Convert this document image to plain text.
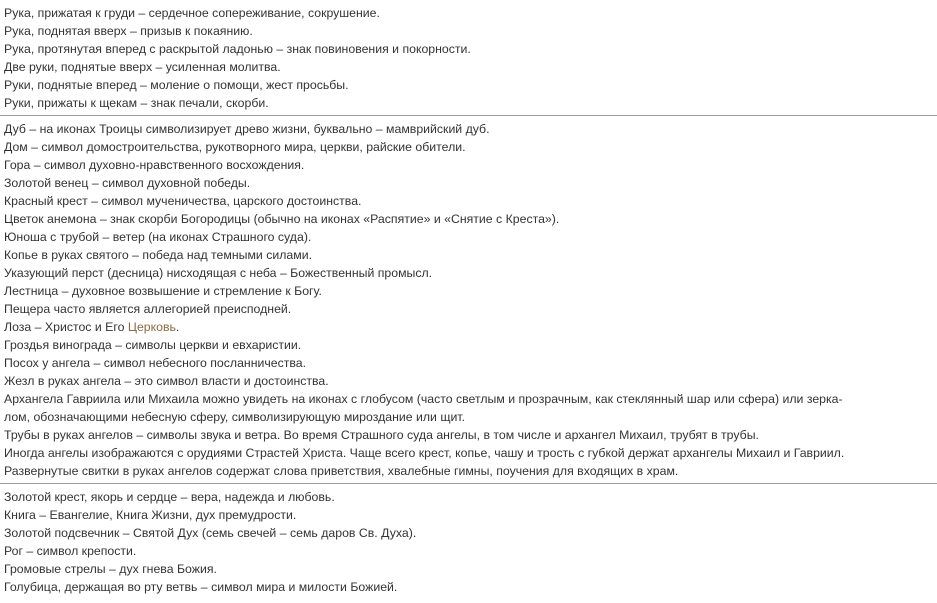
Рука, прижатая к груди – сердечное сопереживание, сокрушение.
Рука, поднятая вверх – призыв к покаянию.
Рука, протянутая вперед с раскрытой ладонью – знак повиновения и покорности.
Две руки, поднятые вверх – усиленная молитва.
Руки, поднятые вперед – моление о помощи, жест просьбы.
Руки, прижаты к щекам – знак печали, скорби.
Дуб – на иконах Троицы символизирует древо жизни, буквально – мамврийский дуб.
Дом – символ домостроительства, рукотворного мира, церкви, райские обители.
Гора – символ духовно-нравственного восхождения.
Золотой венец – символ духовной победы.
Красный крест – символ мученичества, царского достоинства.
Цветок анемона – знак скорби Богородицы (обычно на иконах «Распятие» и «Снятие с Креста»).
Юноша с трубой – ветер (на иконах Страшного суда).
Копье в руках святого – победа над темными силами.
Указующий перст (десница) нисходящая с неба – Божественный промысл.
Лестница – духовное возвышение и стремление к Богу.
Пещера часто является аллегорией преисподней.
Лоза – Христос и Его Церковь.
Гроздья винограда – символы церкви и евхаристии.
Посох у ангела – символ небесного посланничества.
Жезл в руках ангела – это символ власти и достоинства.
Архангела Гавриила или Михаила можно увидеть на иконах с глобусом (часто светлым и прозрачным, как стеклянный шар или сфера) или зерка-
лом, обозначающими небесную сферу, символизирующую мироздание или щит.
Трубы в руках ангелов – символы звука и ветра. Во время Страшного суда ангелы, в том числе и архангел Михаил, трубят в трубы.
Иногда ангелы изображаются с орудиями Страстей Христа. Чаще всего крест, копье, чашу и трость с губкой держат архангелы Михаил и Гавриил.
Развернутые свитки в руках ангелов содержат слова приветствия, хвалебные гимны, поучения для входящих в храм.
Золотой крест, якорь и сердце – вера, надежда и любовь.
Книга – Евангелие, Книга Жизни, дух премудрости.
Золотой подсвечник – Святой Дух (семь свечей – семь даров Св. Духа).
Рог – символ крепости.
Громовые стрелы – дух гнева Божия.
Голубица, держащая во рту ветвь – символ мира и милости Божией.
